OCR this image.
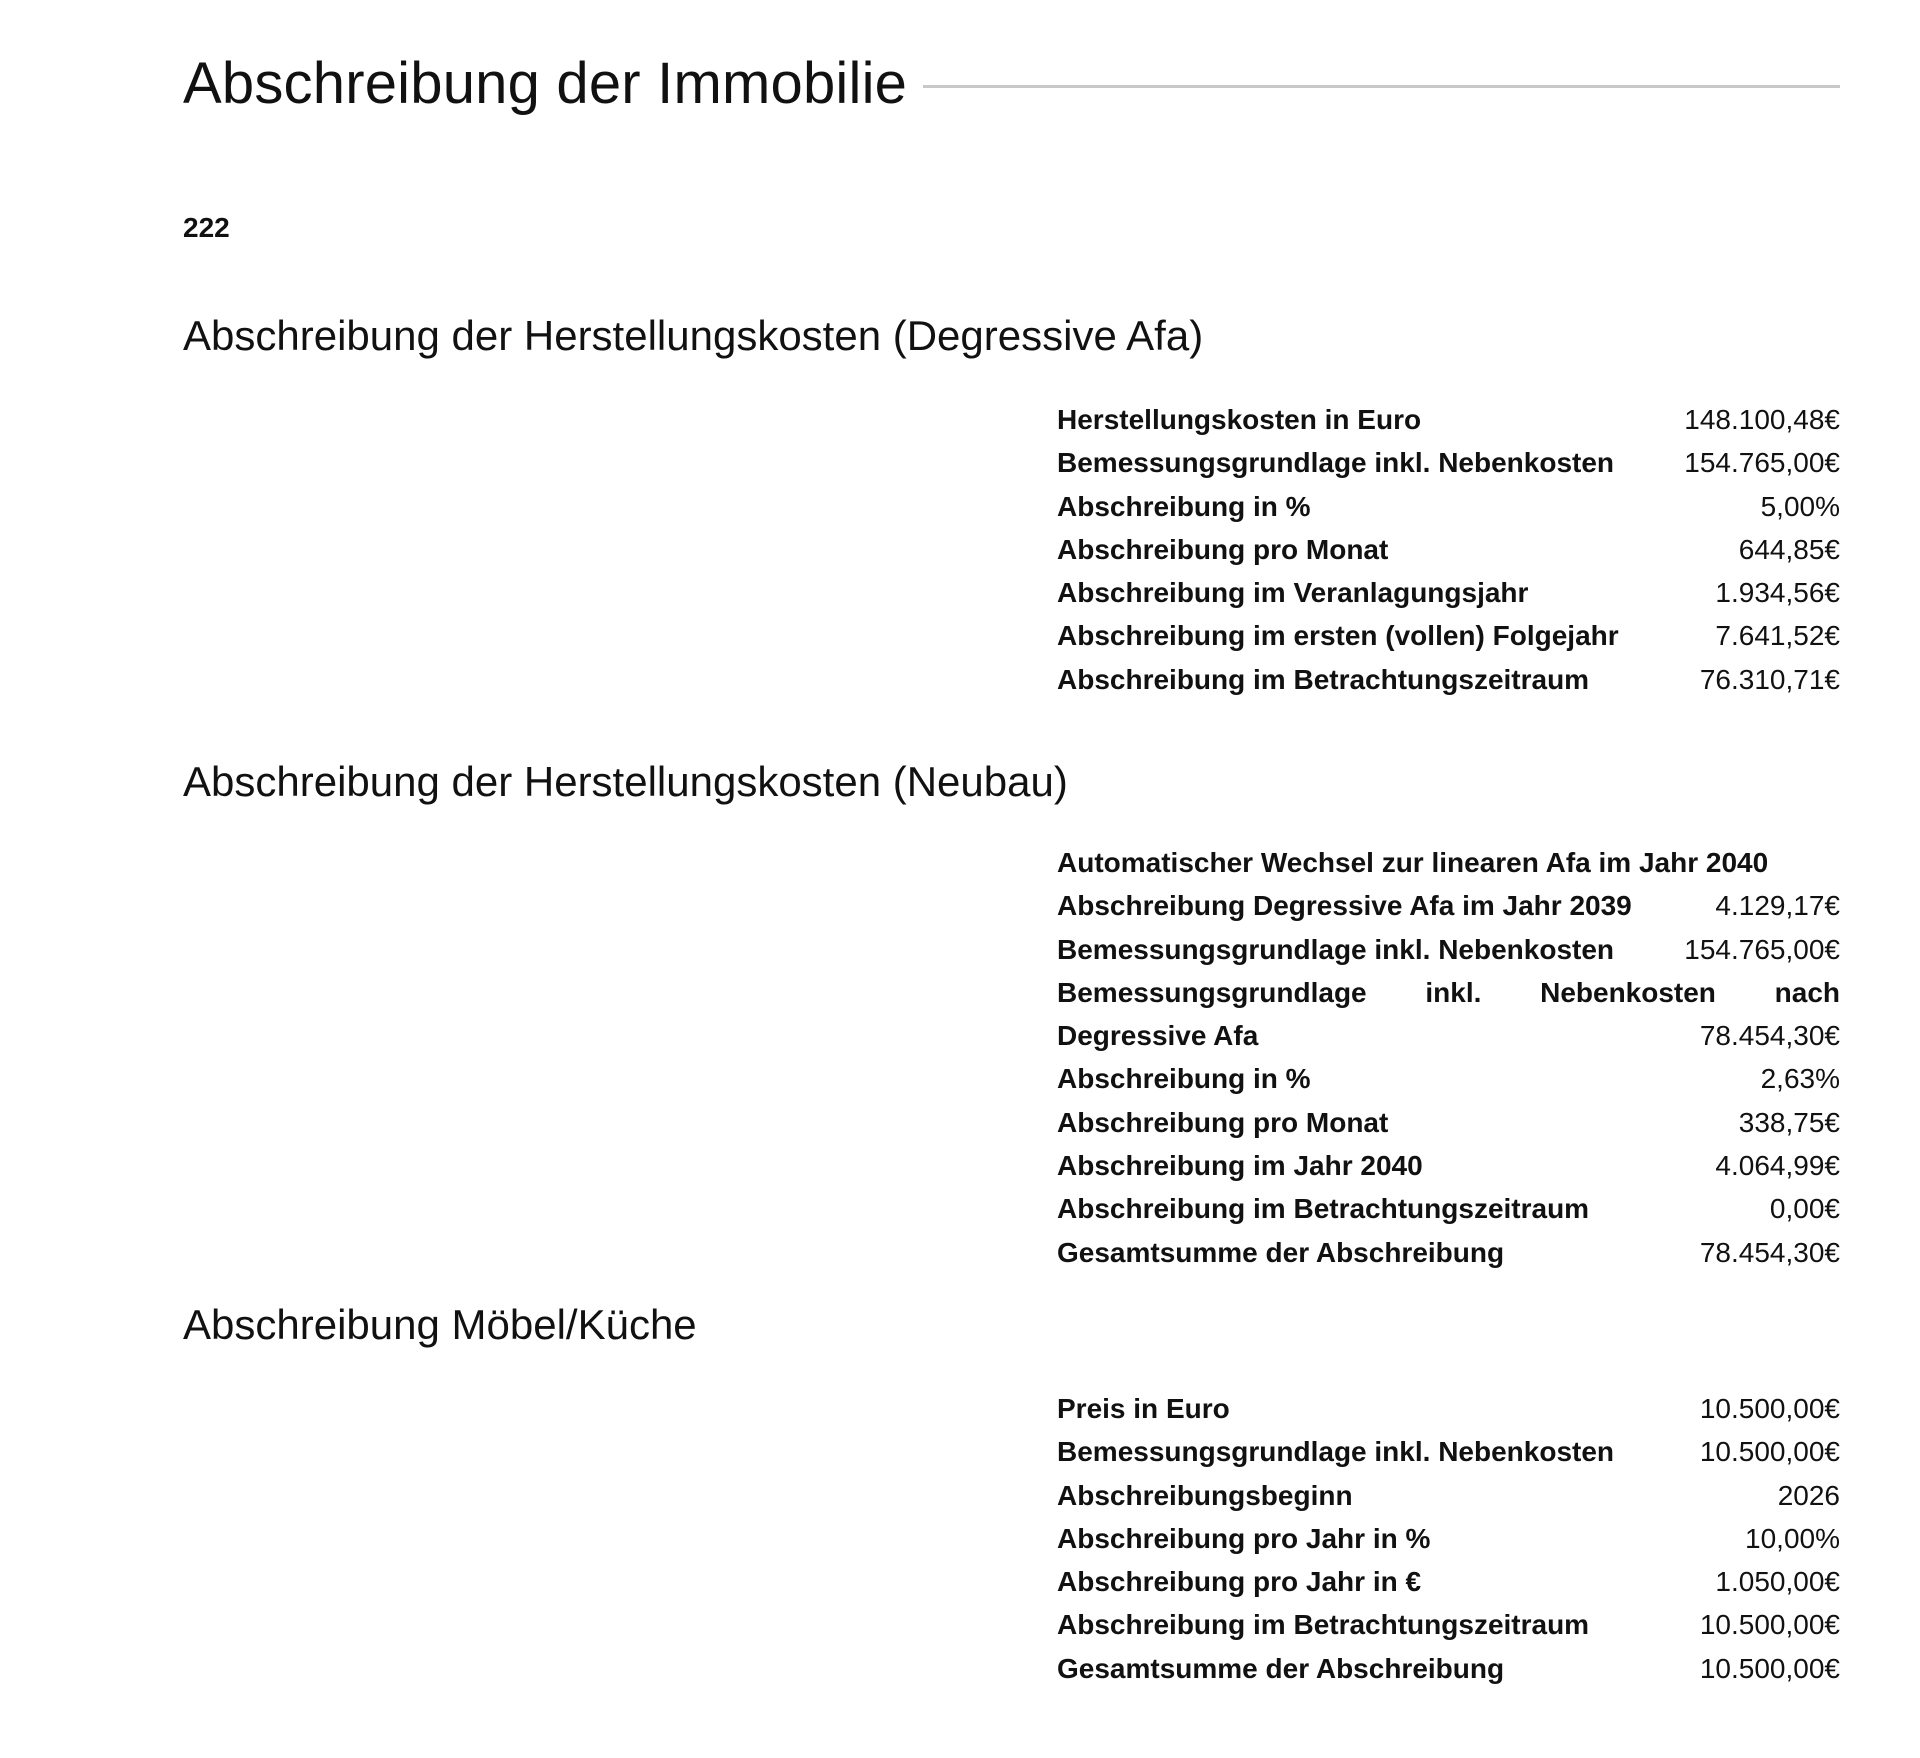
Abschreibung der Immobilie
222
Abschreibung der Herstellungskosten (Degressive Afa)
Herstellungskosten in Euro	148.100,48€
Bemessungsgrundlage inkl. Nebenkosten	154.765,00€
Abschreibung in %	5,00%
Abschreibung pro Monat	644,85€
Abschreibung im Veranlagungsjahr	1.934,56€
Abschreibung im ersten (vollen) Folgejahr	7.641,52€
Abschreibung im Betrachtungszeitraum	76.310,71€
Abschreibung der Herstellungskosten (Neubau)
Automatischer Wechsel zur linearen Afa im Jahr 2040
Abschreibung Degressive Afa im Jahr 2039	4.129,17€
Bemessungsgrundlage inkl. Nebenkosten	154.765,00€
Bemessungsgrundlage inkl. Nebenkosten nach
Degressive Afa	78.454,30€
Abschreibung in %	2,63%
Abschreibung pro Monat	338,75€
Abschreibung im Jahr 2040	4.064,99€
Abschreibung im Betrachtungszeitraum	0,00€
Gesamtsumme der Abschreibung	78.454,30€
Abschreibung Möbel/Küche
Preis in Euro	10.500,00€
Bemessungsgrundlage inkl. Nebenkosten	10.500,00€
Abschreibungsbeginn	2026
Abschreibung pro Jahr in %	10,00%
Abschreibung pro Jahr in €	1.050,00€
Abschreibung im Betrachtungszeitraum	10.500,00€
Gesamtsumme der Abschreibung	10.500,00€
